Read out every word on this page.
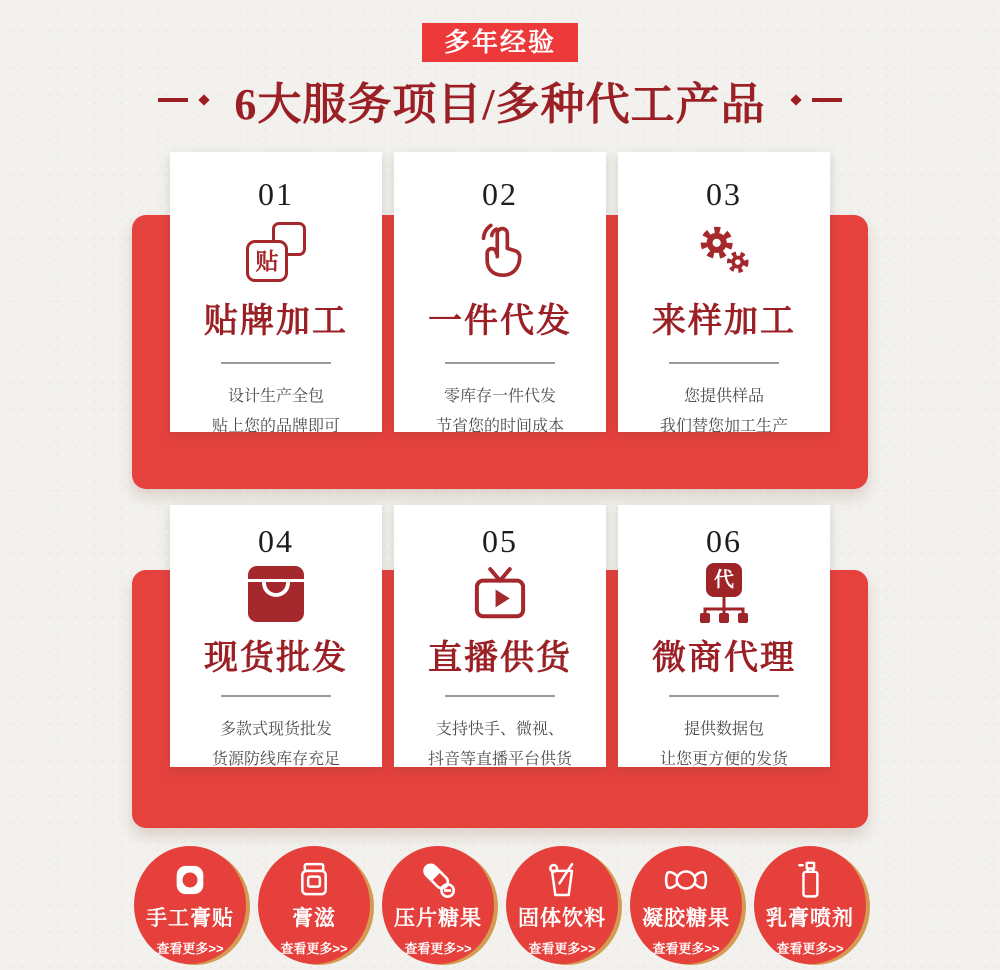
多年经验
6大服务项目/多种代工产品
01
贴
贴牌加工
设计生产全包
贴上您的品牌即可
02
一件代发
零库存一件代发
节省您的时间成本
03
来样加工
您提供样品
我们替您加工生产
04
现货批发
多款式现货批发
货源防线库存充足
05
直播供货
支持快手、微视、
抖音等直播平台供货
06
代
微商代理
提供数据包
让您更方便的发货
手工膏贴
查看更多>>
膏滋
查看更多>>
压片糖果
查看更多>>
固体饮料
查看更多>>
凝胶糖果
查看更多>>
乳膏喷剂
查看更多>>
